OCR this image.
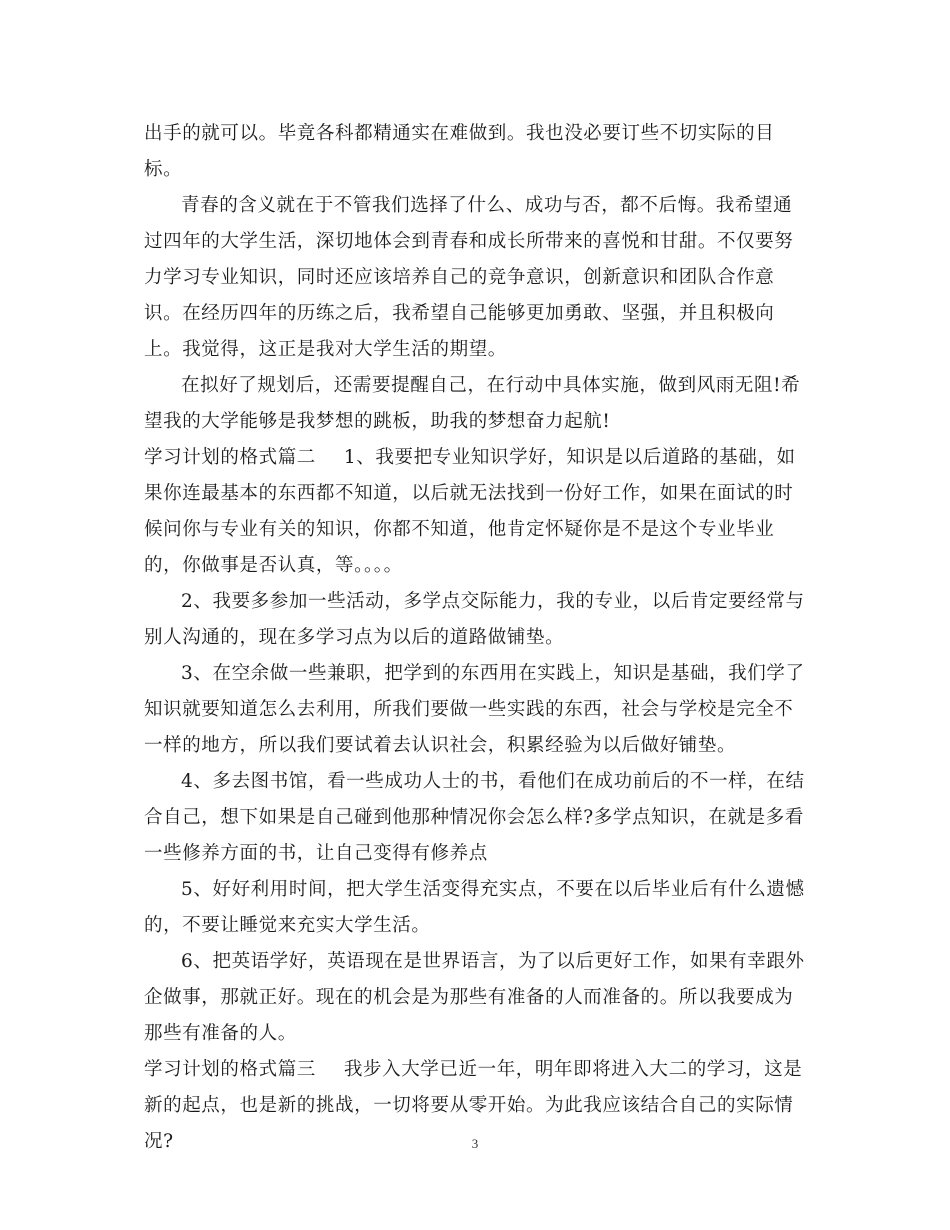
出手的就可以。毕竟各科都精通实在难做到。我也没必要订些不切实际的目标。

青春的含义就在于不管我们选择了什么、成功与否，都不后悔。我希望通过四年的大学生活，深切地体会到青春和成长所带来的喜悦和甘甜。不仅要努力学习专业知识，同时还应该培养自己的竞争意识，创新意识和团队合作意识。在经历四年的历练之后，我希望自己能够更加勇敢、坚强，并且积极向上。我觉得，这正是我对大学生活的期望。

在拟好了规划后，还需要提醒自己，在行动中具体实施，做到风雨无阻!希望我的大学能够是我梦想的跳板，助我的梦想奋力起航!

学习计划的格式篇二 1、我要把专业知识学好，知识是以后道路的基础，如果你连最基本的东西都不知道，以后就无法找到一份好工作，如果在面试的时候问你与专业有关的知识，你都不知道，他肯定怀疑你是不是这个专业毕业的，你做事是否认真，等。。。。

2、我要多参加一些活动，多学点交际能力，我的专业，以后肯定要经常与别人沟通的，现在多学习点为以后的道路做铺垫。

3、在空余做一些兼职，把学到的东西用在实践上，知识是基础，我们学了知识就要知道怎么去利用，所我们要做一些实践的东西，社会与学校是完全不一样的地方，所以我们要试着去认识社会，积累经验为以后做好铺垫。

4、多去图书馆，看一些成功人士的书，看他们在成功前后的不一样，在结合自己，想下如果是自己碰到他那种情况你会怎么样?多学点知识，在就是多看一些修养方面的书，让自己变得有修养点

5、好好利用时间，把大学生活变得充实点，不要在以后毕业后有什么遗憾的，不要让睡觉来充实大学生活。

6、把英语学好，英语现在是世界语言，为了以后更好工作，如果有幸跟外企做事，那就正好。现在的机会是为那些有准备的人而准备的。所以我要成为那些有准备的人。

学习计划的格式篇三 我步入大学已近一年，明年即将进入大二的学习，这是新的起点，也是新的挑战，一切将要从零开始。为此我应该结合自己的实际情况?	3
